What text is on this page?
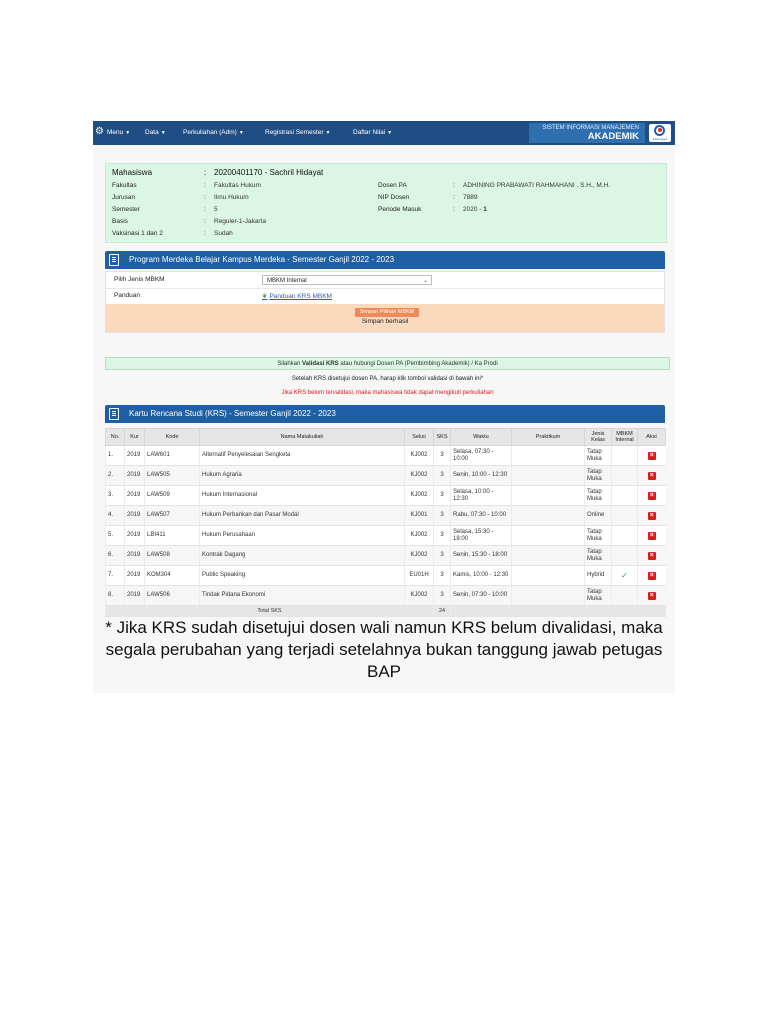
⚙ Menu ▼ Data ▼	Perkuliahan (Adm) ▼	Registrasi Semester ▼	Daftar Nilai ▼
SISTEM INFORMASI MANAJEMEN
AKADEMIK	Esaunggul
Mahasiswa	: 20200401170 - Sachril Hidayat
Fakultas	: Fakultas Hukum
Jurusan	: Ilmu Hukum
Semester	: 5
Basis	: Reguler-1-Jakarta
Vaksinasi 1 dan 2	: Sudah
Dosen PA	: ADHINING PRABAWATI RAHMAHANI , S.H., M.H.
NIP Dosen	: 7889
Periode Masuk	: 2020 - 1
Program Merdeka Belajar Kampus Merdeka - Semester Ganjil 2022 - 2023
Pilih Jenis MBKM	MBKM Internal	⌄
Panduan	❦ Panduan KRS MBKM
Simpan Pilihan MBKM
Simpan berhasil
Silahkan Validasi KRS atau hubungi Dosen PA (Pembimbing Akademik) / Ka Prodi
Setelah KRS disetujui dosen PA, harap klik tombol validasi di bawah ini*
Jika KRS belum tervalidasi, maka mahasiswa tidak dapat mengikuti perkuliahan
Kartu Rencana Studi (KRS) - Semester Ganjil 2022 - 2023
No.	Kur	Kode	Nama Matakuliah	Seksi	SKS	Waktu	Praktikum	Jenis Kelas	MBKM Internal	Aksi
1.	2019	LAW601	Alternatif Penyelesaian Sengketa	KJ002	3	Selasa, 07:30 - 10:00		Tatap Muka		×
2.	2019	LAW505	Hukum Agraria	KJ002	3	Senin, 10:00 - 12:30		Tatap Muka		×
3.	2019	LAW509	Hukum Internasional	KJ002	3	Selasa, 10:00 - 12:30		Tatap Muka		×
4.	2019	LAW507	Hukum Perbankan dan Pasar Modal	KJ001	3	Rabu, 07:30 - 10:00		Online		×
5.	2019	LBI411	Hukum Perusahaan	KJ002	3	Selasa, 15:30 - 18:00		Tatap Muka		×
6.	2019	LAW508	Kontrak Dagang	KJ002	3	Senin, 15:30 - 18:00		Tatap Muka		×
7.	2019	KOM304	Public Speaking	EU01H	3	Kamis, 10:00 - 12:30		Hybrid	✓	×
8.	2019	LAW506	Tindak Pidana Ekonomi	KJ002	3	Senin, 07:30 - 10:00		Tatap Muka		×
Total SKS					24					
* Jika KRS sudah disetujui dosen wali namun KRS belum divalidasi, maka segala perubahan yang terjadi setelahnya bukan tanggung jawab petugas BAP
